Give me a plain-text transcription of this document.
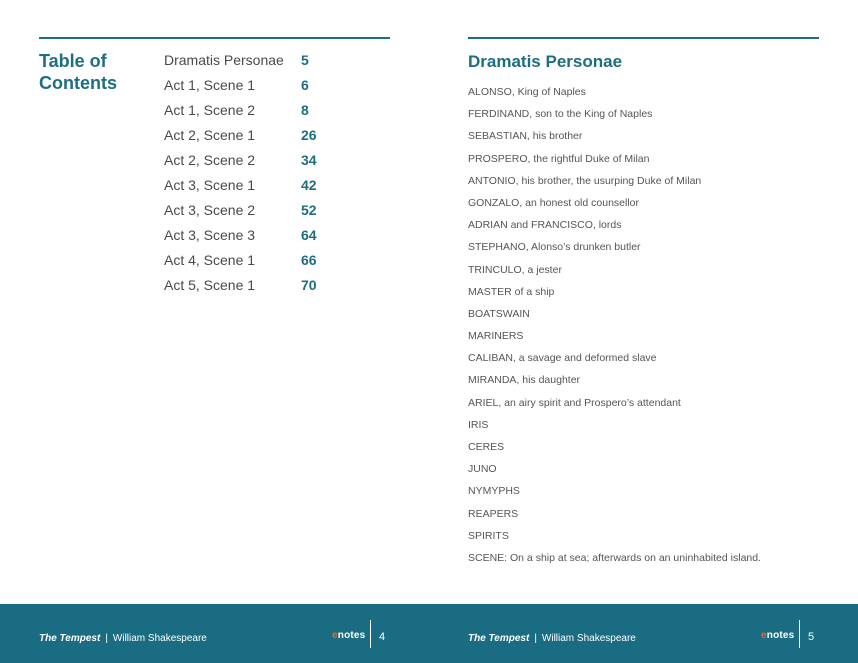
Table of
Contents
Dramatis Personae 5
Act 1, Scene 1	6
Act 1, Scene 2	8
Act 2, Scene 1	26
Act 2, Scene 2	34
Act 3, Scene 1	42
Act 3, Scene 2	52
Act 3, Scene 3	64
Act 4, Scene 1	66
Act 5, Scene 1	70
Dramatis Personae
ALONSO, King of Naples
FERDINAND, son to the King of Naples
SEBASTIAN, his brother
PROSPERO, the rightful Duke of Milan
ANTONIO, his brother, the usurping Duke of Milan
GONZALO, an honest old counsellor
ADRIAN and FRANCISCO, lords
STEPHANO, Alonso’s drunken butler
TRINCULO, a jester
MASTER of a ship
BOATSWAIN
MARINERS
CALIBAN, a savage and deformed slave
MIRANDA, his daughter
ARIEL, an airy spirit and Prospero’s attendant
IRIS
CERES
JUNO
NYMYPHS
REAPERS
SPIRITS
SCENE: On a ship at sea; afterwards on an uninhabited island.
The Tempest | William Shakespeare	enotes 4	The Tempest | William Shakespeare	enotes 5
